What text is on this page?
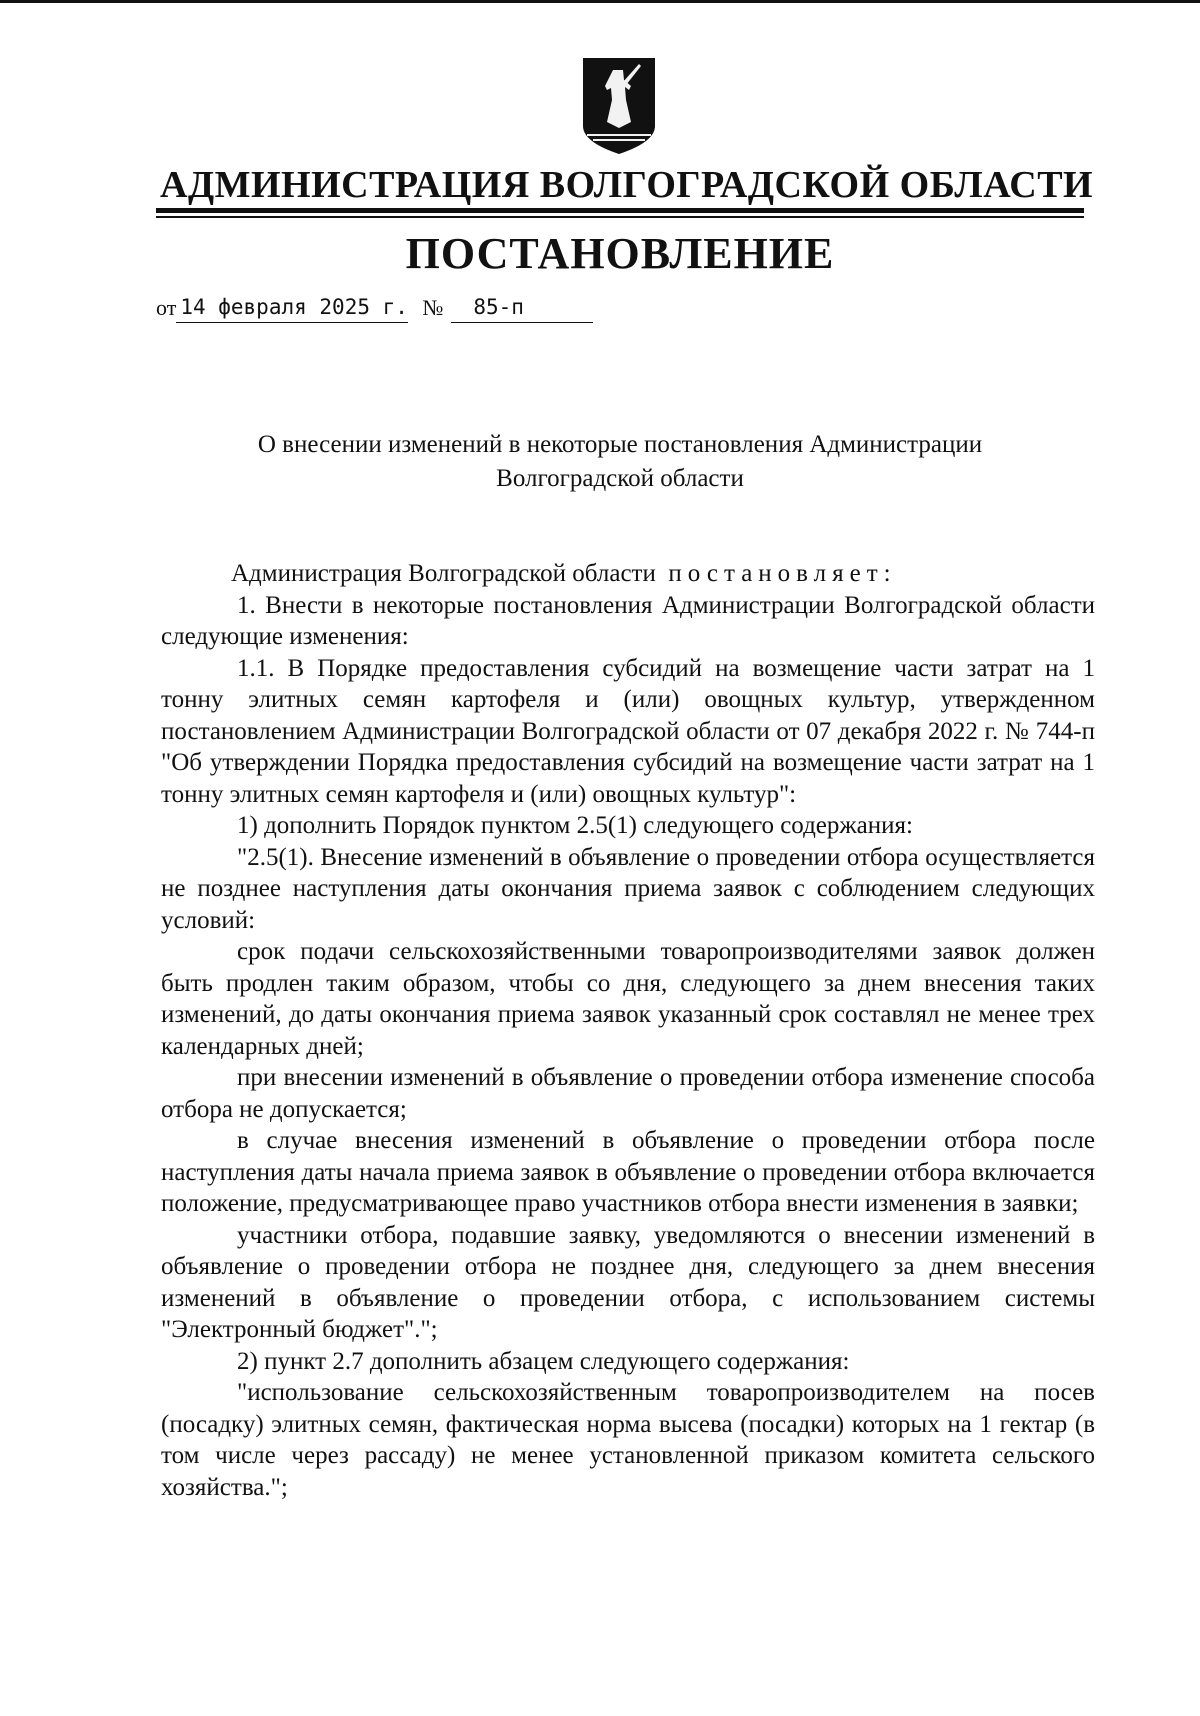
АДМИНИСТРАЦИЯ ВОЛГОГРАДСКОЙ ОБЛАСТИ
ПОСТАНОВЛЕНИЕ
от 14 февраля 2025 г. № 85-п
О внесении изменений в некоторые постановления Администрации
Волгоградской области

Администрация Волгоградской области постановляет:

1. Внести в некоторые постановления Администрации Волгоградской области следующие изменения:

1.1. В Порядке предоставления субсидий на возмещение части затрат на 1 тонну элитных семян картофеля и (или) овощных культур, утвержденном постановлением Администрации Волгоградской области от 07 декабря 2022 г. № 744-п "Об утверждении Порядка предоставления субсидий на возмещение части затрат на 1 тонну элитных семян картофеля и (или) овощных культур":

1) дополнить Порядок пунктом 2.5(1) следующего содержания:

"2.5(1). Внесение изменений в объявление о проведении отбора осуществляется не позднее наступления даты окончания приема заявок с соблюдением следующих условий:

срок подачи сельскохозяйственными товаропроизводителями заявок должен быть продлен таким образом, чтобы со дня, следующего за днем внесения таких изменений, до даты окончания приема заявок указанный срок составлял не менее трех календарных дней;

при внесении изменений в объявление о проведении отбора изменение способа отбора не допускается;

в случае внесения изменений в объявление о проведении отбора после наступления даты начала приема заявок в объявление о проведении отбора включается положение, предусматривающее право участников отбора внести изменения в заявки;

участники отбора, подавшие заявку, уведомляются о внесении изменений в объявление о проведении отбора не позднее дня, следующего за днем внесения изменений в объявление о проведении отбора, с использованием системы "Электронный бюджет".";

2) пункт 2.7 дополнить абзацем следующего содержания:

"использование сельскохозяйственным товаропроизводителем на посев (посадку) элитных семян, фактическая норма высева (посадки) которых на 1 гектар (в том числе через рассаду) не менее установленной приказом комитета сельского хозяйства.";
